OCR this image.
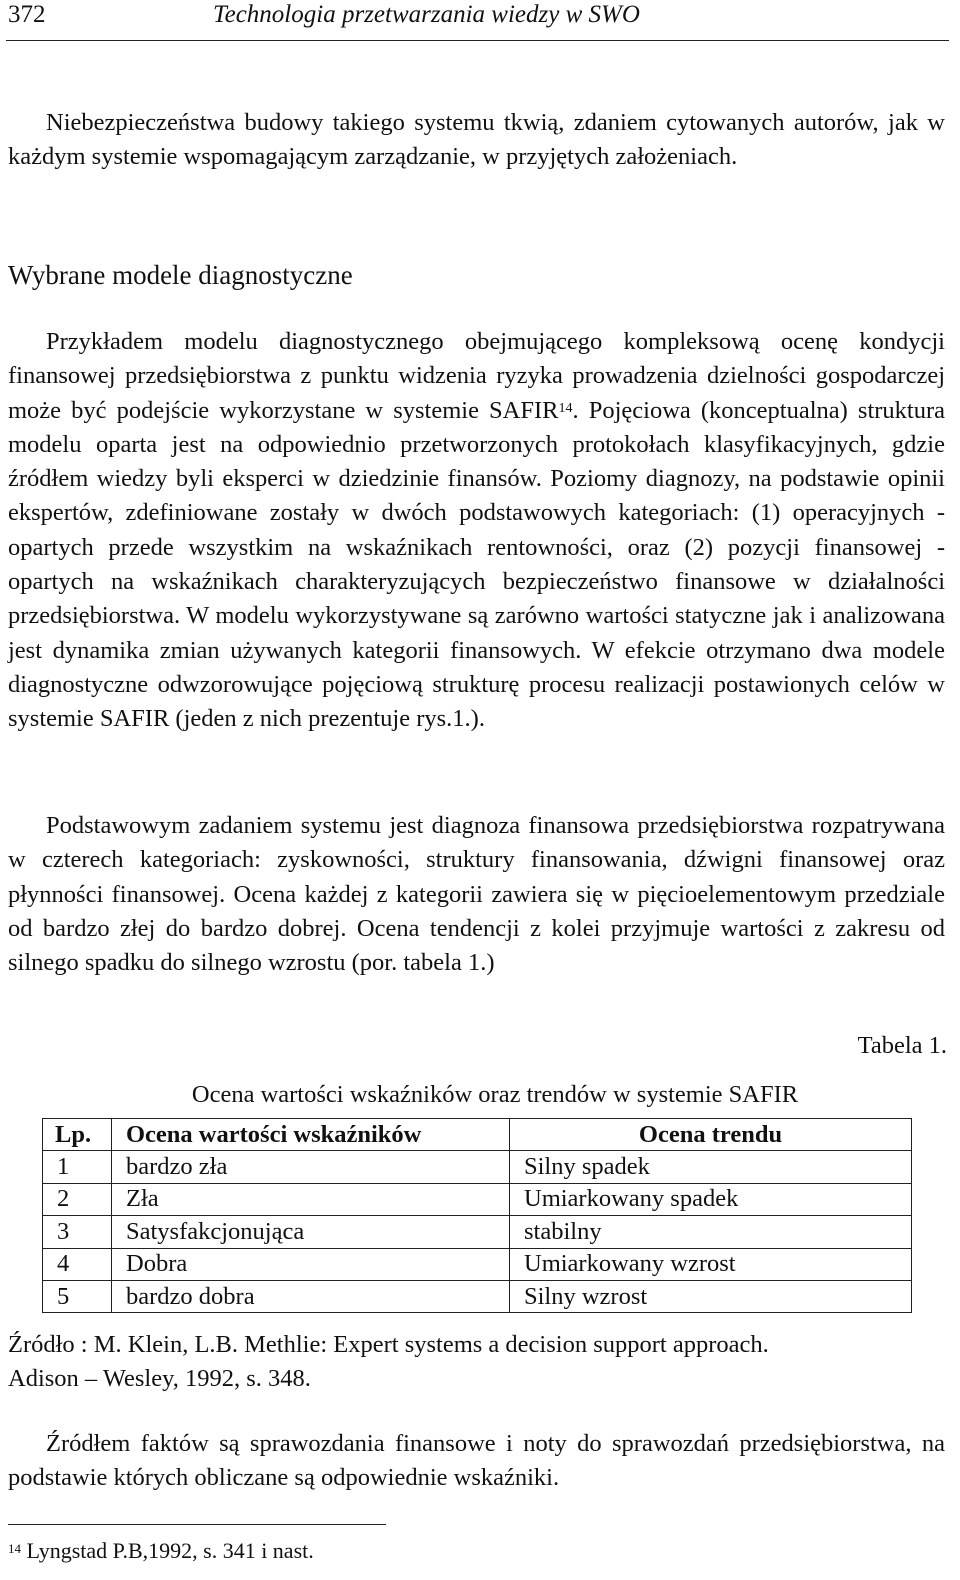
372	Technologia przetwarzania wiedzy w SWO

Niebezpieczeństwa budowy takiego systemu tkwią, zdaniem cytowanych autorów, jak w każdym systemie wspomagającym zarządzanie, w przyjętych założeniach.

Wybrane modele diagnostyczne

Przykładem modelu diagnostycznego obejmującego kompleksową ocenę kondycji finansowej przedsiębiorstwa z punktu widzenia ryzyka prowadzenia dzielności gospodarczej może być podejście wykorzystane w systemie SAFIR$^{14}$. Pojęciowa (konceptualna) struktura modelu oparta jest na odpowiednio przetworzonych protokołach klasyfikacyjnych, gdzie źródłem wiedzy byli eksperci w dziedzinie finansów. Poziomy diagnozy, na podstawie opinii ekspertów, zdefiniowane zostały w dwóch podstawowych kategoriach: (1) operacyjnych - opartych przede wszystkim na wskaźnikach rentowności, oraz (2) pozycji finansowej - opartych na wskaźnikach charakteryzujących bezpieczeństwo finansowe w działalności przedsiębiorstwa. W modelu wykorzystywane są zarówno wartości statyczne jak i analizowana jest dynamika zmian używanych kategorii finansowych. W efekcie otrzymano dwa modele diagnostyczne odwzorowujące pojęciową strukturę procesu realizacji postawionych celów w systemie SAFIR (jeden z nich prezentuje rys.1.).

Podstawowym zadaniem systemu jest diagnoza finansowa przedsiębiorstwa rozpatrywana w czterech kategoriach: zyskowności, struktury finansowania, dźwigni finansowej oraz płynności finansowej. Ocena każdej z kategorii zawiera się w pięcioelementowym przedziale od bardzo złej do bardzo dobrej. Ocena tendencji z kolei przyjmuje wartości z zakresu od silnego spadku do silnego wzrostu (por. tabela 1.)

Tabela 1.
Ocena wartości wskaźników oraz trendów w systemie SAFIR
Lp.	Ocena wartości wskaźników	Ocena trendu
1	bardzo zła	Silny spadek
2	Zła	Umiarkowany spadek
3	Satysfakcjonująca	stabilny
4	Dobra	Umiarkowany wzrost
5	bardzo dobra	Silny wzrost

Źródło : M. Klein, L.B. Methlie: Expert systems a decision support approach.
Adison – Wesley, 1992, s. 348.

Źródłem faktów są sprawozdania finansowe i noty do sprawozdań przedsiębiorstwa, na podstawie których obliczane są odpowiednie wskaźniki.

$^{14}$ Lyngstad P.B,1992, s. 341 i nast.
